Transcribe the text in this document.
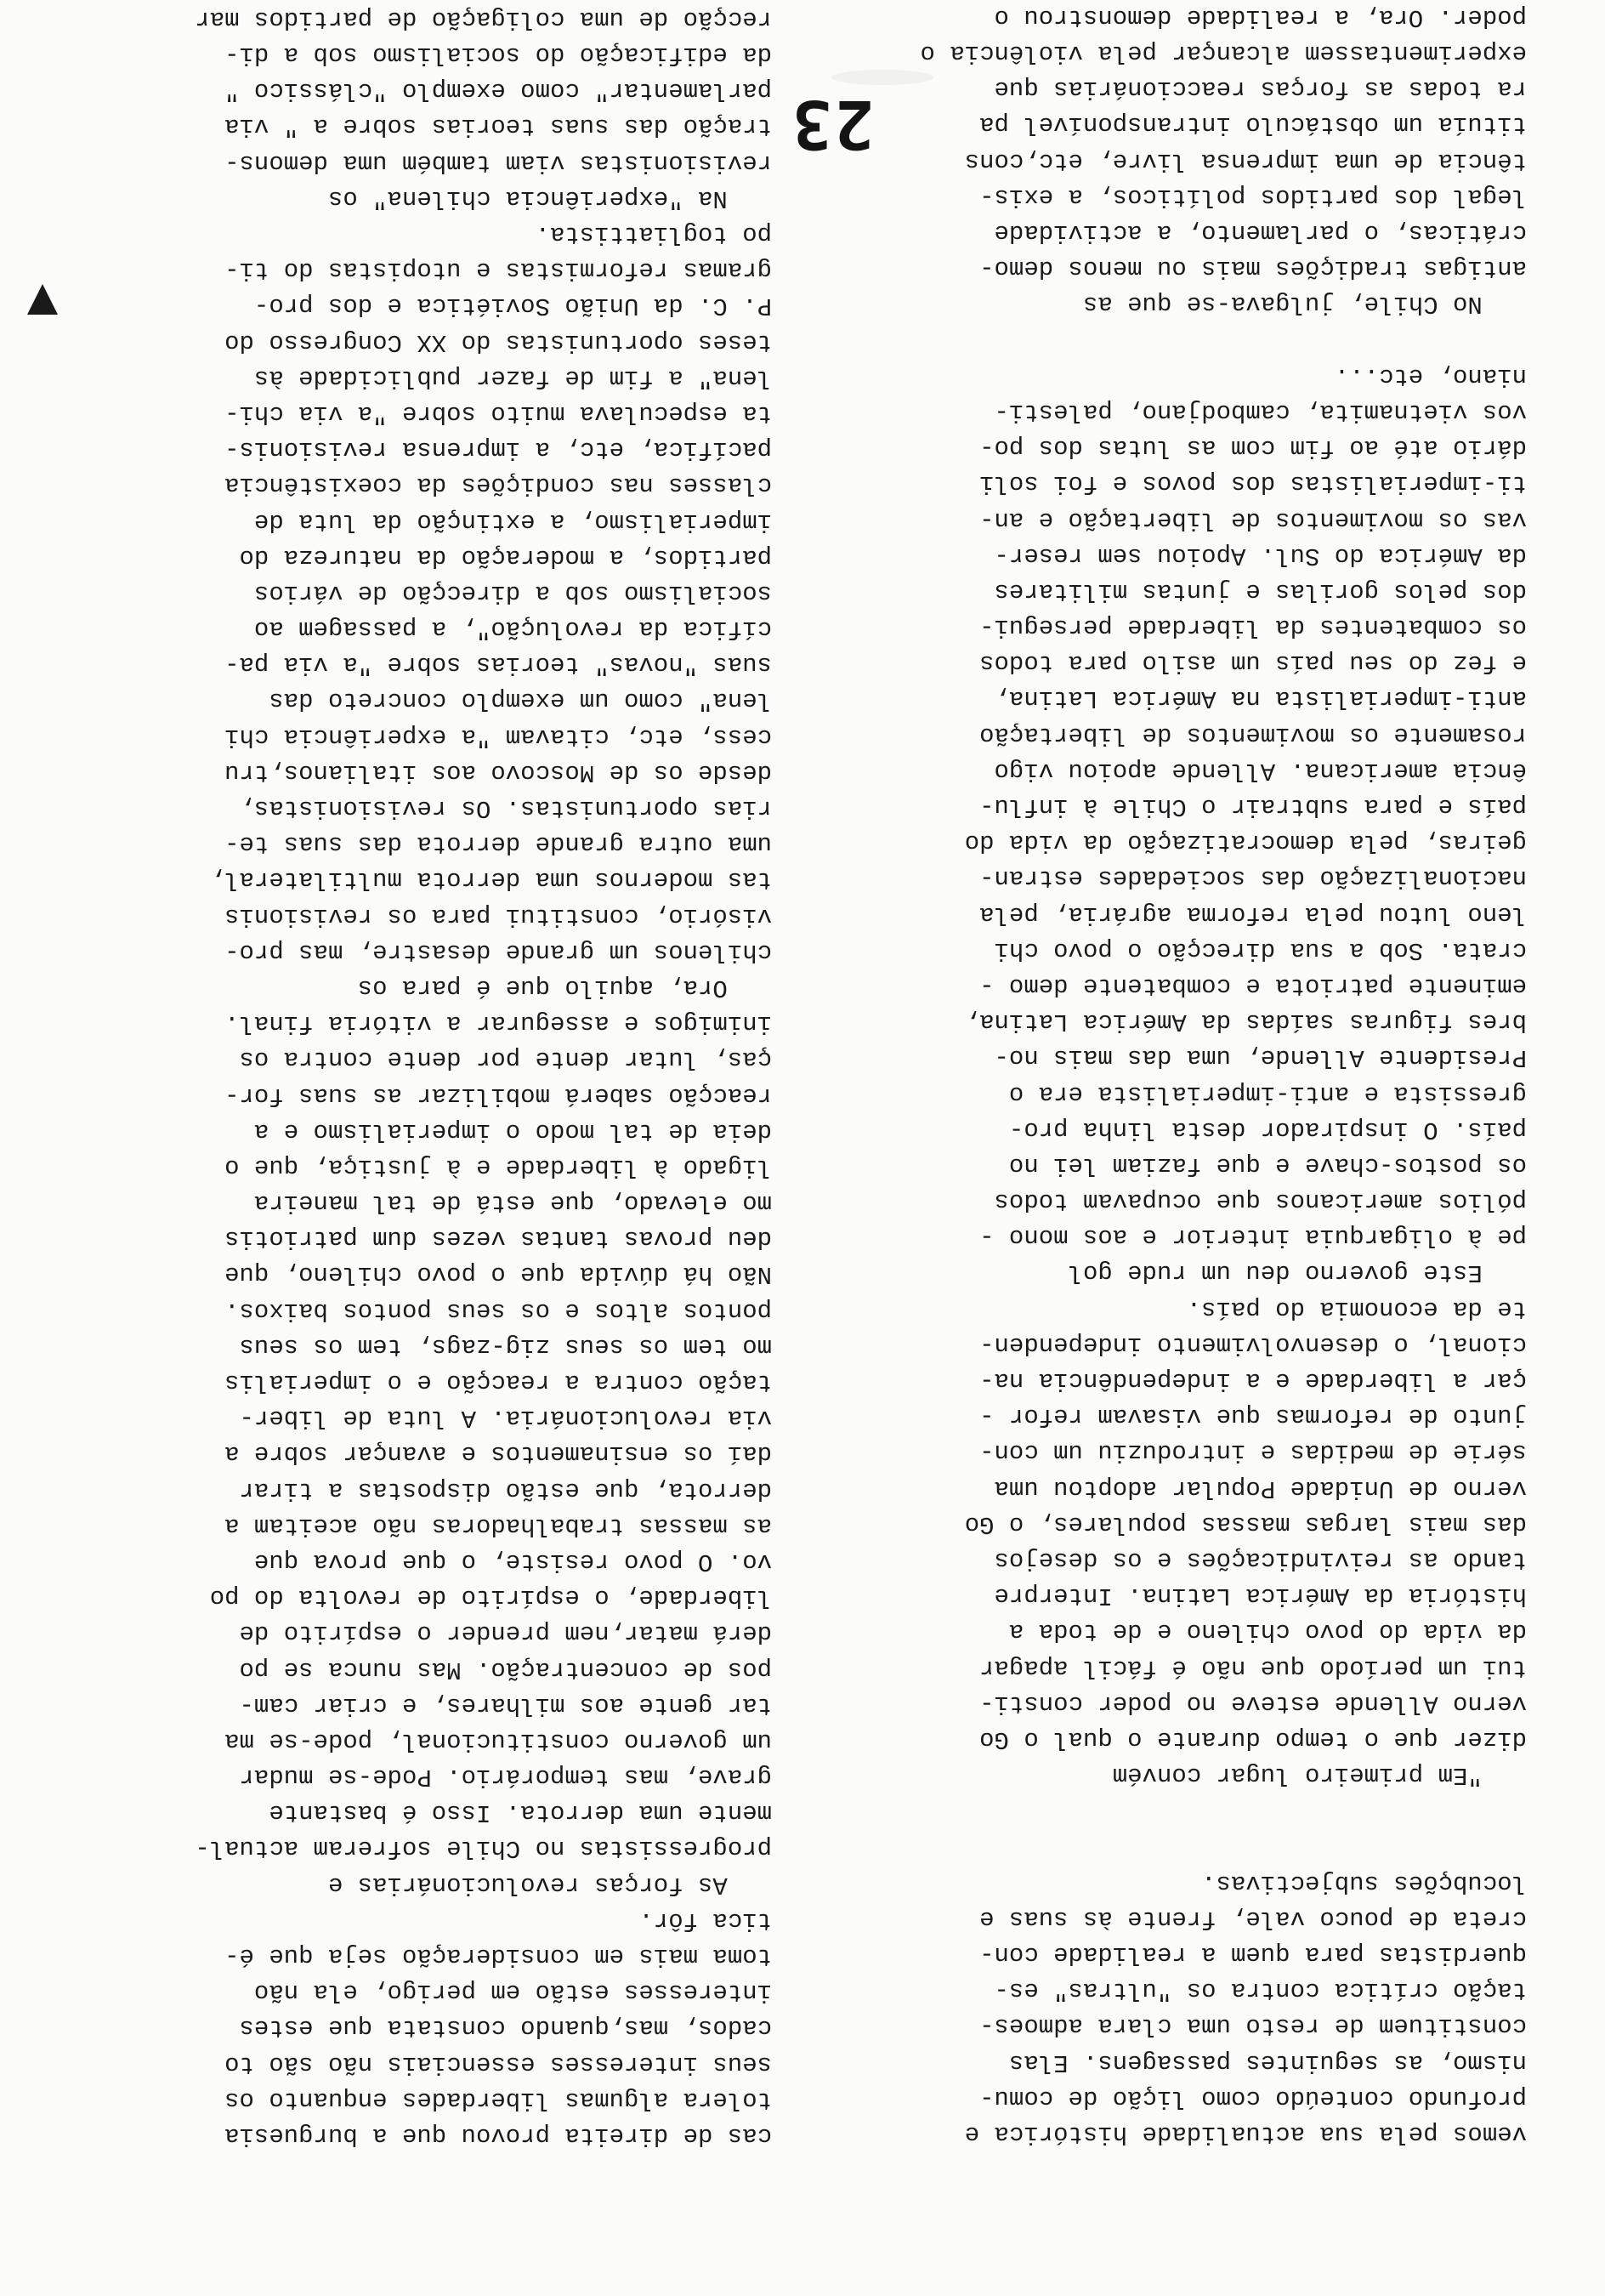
23
vemos pela sua actualidade histórica e
profundo conteúdo como lição de comu-
nismo, as seguintes passagens. Elas
constituem de resto uma clara admoes-
tação crítica contra os "ultras" es-
querdistas para quem a realidade con-
creta de pouco vale, frente às suas e
locubções subjectivas.
"Em primeiro lugar convém
dizer que o tempo durante o qual o Go
verno Allende esteve no poder consti-
tui um período que não é fácil apagar
da vida do povo chileno e de toda a
história da América Latina. Interpre
tando as reivindicações e os desejos
das mais largas massas populares, o Go
verno de Unidade Popular adoptou uma
série de medidas e introduziu um con-
junto de reformas que visavam refor -
çar a liberdade e a independência na-
cional, o desenvolvimento independen-
te da economia do país.
Este governo deu um rude gol
pe à oligarquia interior e aos mono -
pólios americanos que ocupavam todos
os postos-chave e que faziam lei no
país. O inspirador desta linha pro-
gressista e anti-imperialista era o
Presidente Allende, uma das mais no-
bres figuras saídas da América Latina,
eminente patriota e combatente demo -
crata. Sob a sua direcção o povo chi
leno lutou pela reforma agrária, pela
nacionalização das sociedades estran-
geiras, pela democratização da vida do
país e para subtrair o Chile à influ-
ência americana. Allende apoiou vigo
rosamente os movimentos de libertação
anti-imperialista na América Latina,
e fez do seu país um asilo para todos
os combatentes da liberdade persegui-
dos pelos gorilas e juntas militares
da América do Sul. Apoiou sem reser-
vas os movimentos de libertação e an-
ti-imperialistas dos povos e foi soli
dário até ao fim com as lutas dos po-
vos vietnamita, cambodjano, palesti-
niano, etc...
No Chile, julgava-se que as
antigas tradições mais ou menos demo-
cráticas, o parlamento, a actividade
legal dos partidos políticos, a exis-
tência de uma imprensa livre, etc,cons
tituía um obstáculo intransponível pa
ra todas as forças reaccionárias que
experimentassem alcançar pela violência o
poder. Ora, a realidade demonstrou o
cas de direita provou que a burguesia
tolera algumas liberdades enquanto os
seus interesses essenciais não são to
cados, mas,quando constata que estes
interesses estão em perigo, ela não
toma mais em consideração seja que é-
tica fôr.
As forças revolucionárias e
progressistas no Chile sofreram actual-
mente uma derrota. Isso é bastante
grave, mas temporário. Pode-se mudar
um governo constitucional, pode-se ma
tar gente aos milhares, e criar cam-
pos de concentração. Mas nunca se po
derá matar,nem prender o espírito de
liberdade, o espírito de revolta do po
vo. O povo resiste, o que prova que
as massas trabalhadoras não aceitam a
derrota, que estão dispostas a tirar
daí os ensinamentos e avançar sobre a
via revolucionária. A luta de liber-
tação contra a reacção e o imperialis
mo tem os seus zig-zags, tem os seus
pontos altos e os seus pontos baixos.
Não há dúvida que o povo chileno, que
deu provas tantas vezes dum patriotis
mo elevado, que está de tal maneira
ligado à liberdade e à justiça, que o
deia de tal modo o imperialismo e a
reacção saberá mobilizar as suas for-
ças, lutar dente por dente contra os
inimigos e assegurar a vitória final.
Ora, aquilo que é para os
chilenos um grande desastre, mas pro-
visório, constitui para os revisionis
tas modernos uma derrota multilateral,
uma outra grande derrota das suas te-
rias oportunistas. Os revisionistas,
desde os de Moscovo aos italianos,tru
cess, etc, citavam "a experiência chi
lena" como um exemplo concreto das
suas "novas" teorias sobre "a via pa-
cífica da revolução", a passagem ao
socialismo sob a direcção de vários
partidos, a moderação da natureza do
imperialismo, a extinção da luta de
classes nas condições da coexistência
pacífica, etc, a imprensa revisionis-
ta especulava muito sobre "a via chi-
lena" a fim de fazer publicidade às
teses oportunistas do XX Congresso do
P. C. da União Soviética e dos pro-
gramas reformistas e utopistas do ti-
po togliattista.
Na "experiência chilena" os
revisionistas viam também uma demons-
tração das suas teorias sobre a " via
parlamentar" como exemplo "clássico "
da edificação do socialismo sob a di-
recção de uma coligação de partidos mar
